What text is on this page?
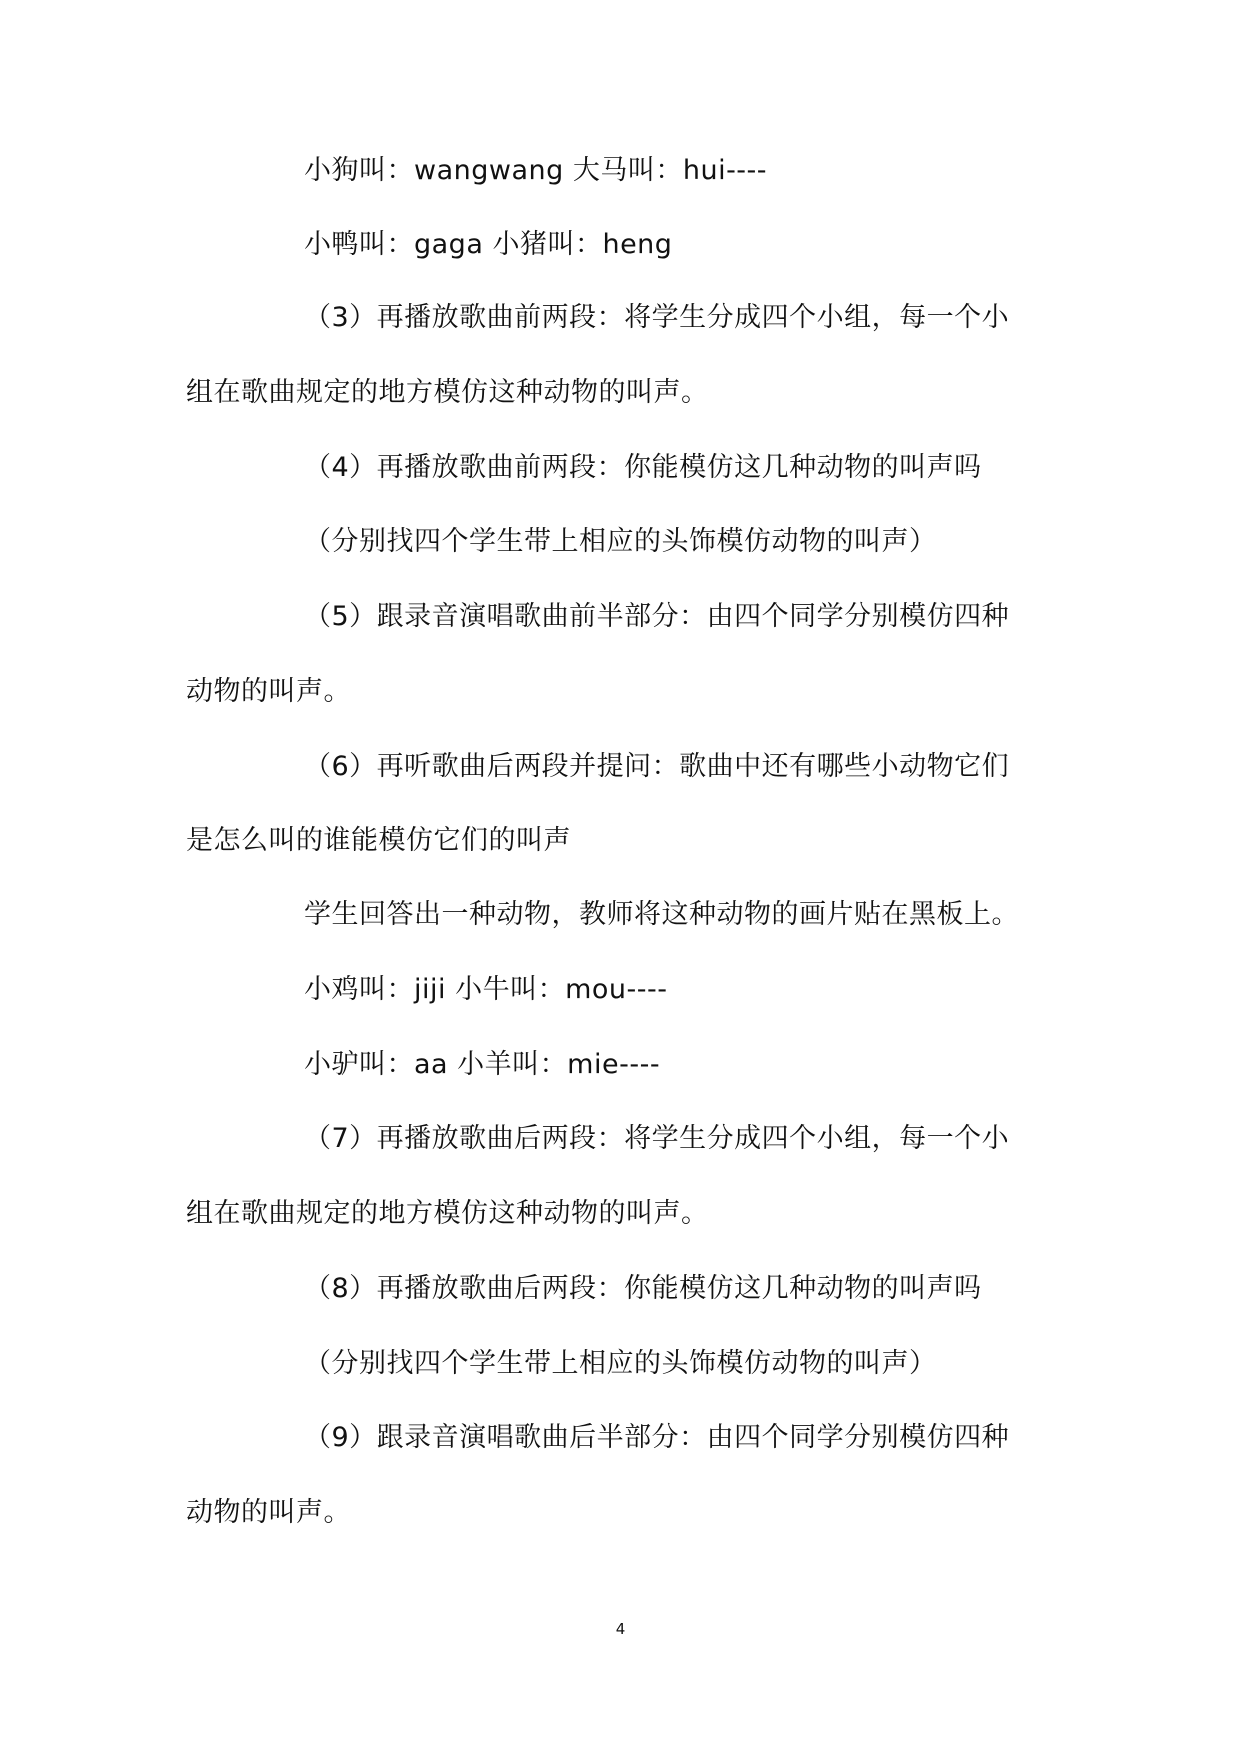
小狗叫：wangwang 大马叫：hui----
小鸭叫：gaga 小猪叫：heng
（3）再播放歌曲前两段：将学生分成四个小组，每一个小
组在歌曲规定的地方模仿这种动物的叫声。
（4）再播放歌曲前两段：你能模仿这几种动物的叫声吗
（分别找四个学生带上相应的头饰模仿动物的叫声）
（5）跟录音演唱歌曲前半部分：由四个同学分别模仿四种
动物的叫声。
（6）再听歌曲后两段并提问：歌曲中还有哪些小动物它们
是怎么叫的谁能模仿它们的叫声
学生回答出一种动物，教师将这种动物的画片贴在黑板上。
小鸡叫：jiji 小牛叫：mou----
小驴叫：aa 小羊叫：mie----
（7）再播放歌曲后两段：将学生分成四个小组，每一个小
组在歌曲规定的地方模仿这种动物的叫声。
（8）再播放歌曲后两段：你能模仿这几种动物的叫声吗
（分别找四个学生带上相应的头饰模仿动物的叫声）
（9）跟录音演唱歌曲后半部分：由四个同学分别模仿四种
动物的叫声。
4
